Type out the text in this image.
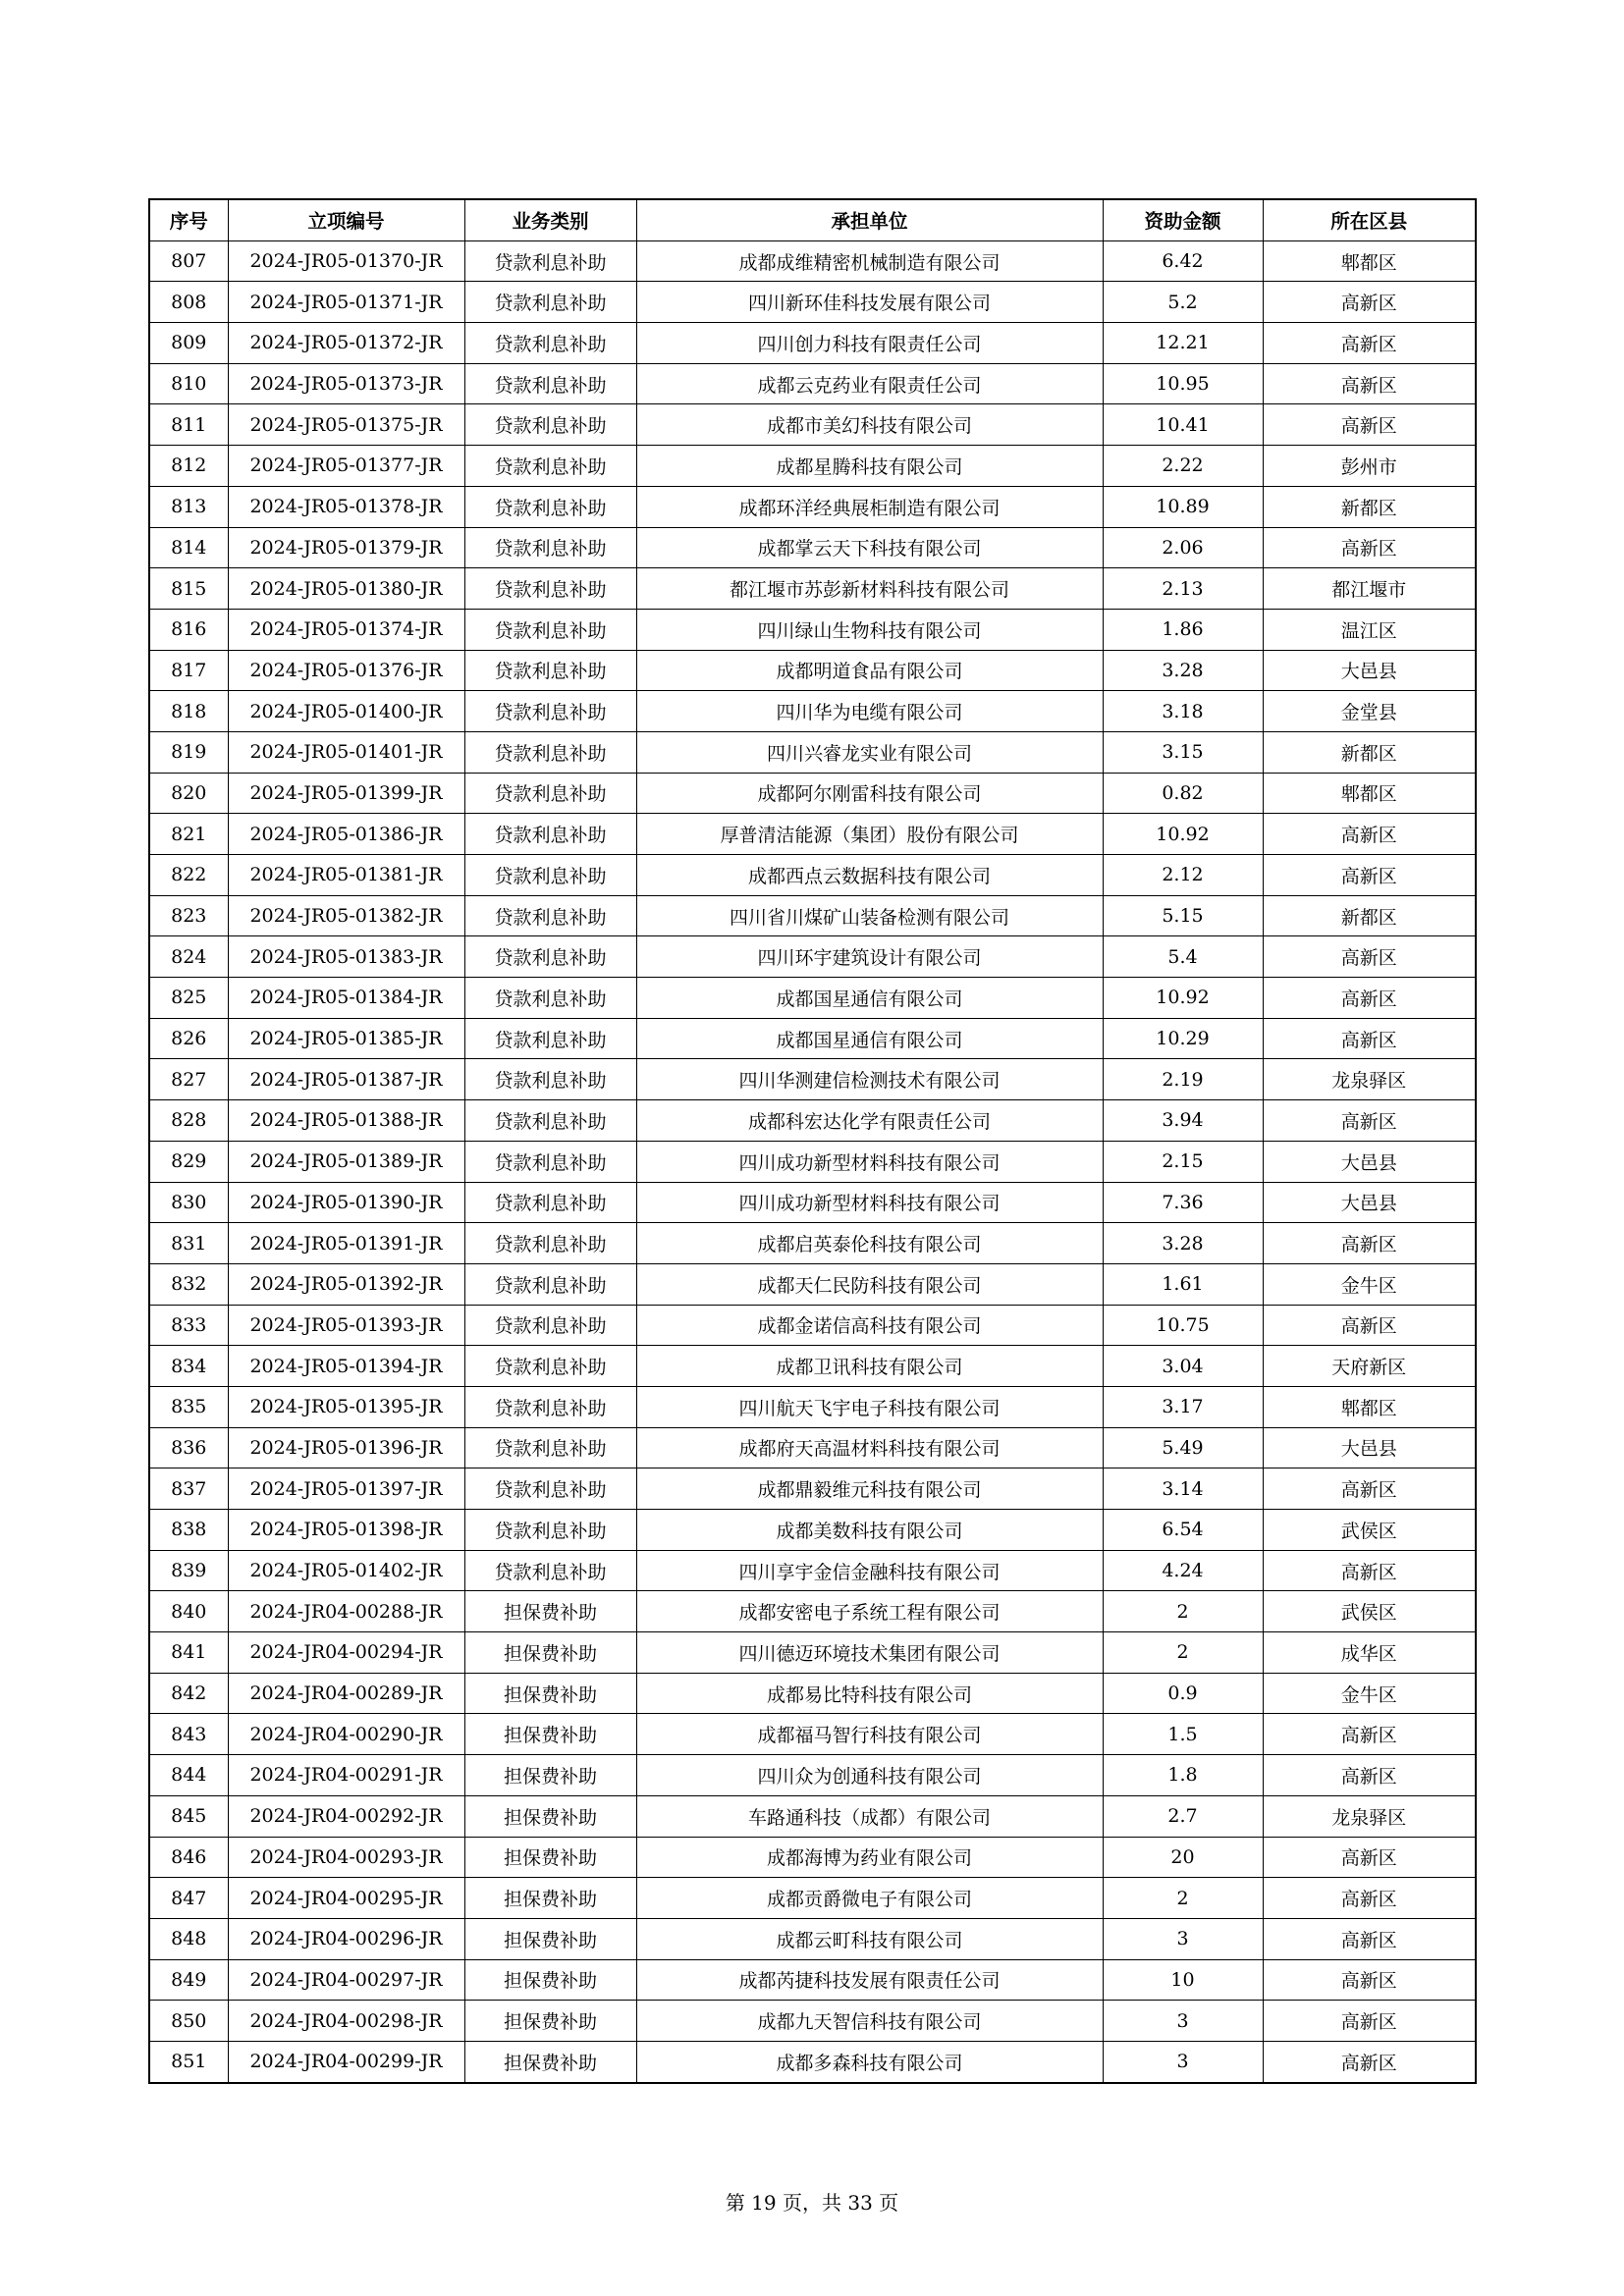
序号	立项编号	业务类别	承担单位	资助金额	所在区县
807	2024-JR05-01370-JR	贷款利息补助	成都成维精密机械制造有限公司	6.42	郫都区
808	2024-JR05-01371-JR	贷款利息补助	四川新环佳科技发展有限公司	5.2	高新区
809	2024-JR05-01372-JR	贷款利息补助	四川创力科技有限责任公司	12.21	高新区
810	2024-JR05-01373-JR	贷款利息补助	成都云克药业有限责任公司	10.95	高新区
811	2024-JR05-01375-JR	贷款利息补助	成都市美幻科技有限公司	10.41	高新区
812	2024-JR05-01377-JR	贷款利息补助	成都星腾科技有限公司	2.22	彭州市
813	2024-JR05-01378-JR	贷款利息补助	成都环洋经典展柜制造有限公司	10.89	新都区
814	2024-JR05-01379-JR	贷款利息补助	成都掌云天下科技有限公司	2.06	高新区
815	2024-JR05-01380-JR	贷款利息补助	都江堰市苏彭新材料科技有限公司	2.13	都江堰市
816	2024-JR05-01374-JR	贷款利息补助	四川绿山生物科技有限公司	1.86	温江区
817	2024-JR05-01376-JR	贷款利息补助	成都明道食品有限公司	3.28	大邑县
818	2024-JR05-01400-JR	贷款利息补助	四川华为电缆有限公司	3.18	金堂县
819	2024-JR05-01401-JR	贷款利息补助	四川兴睿龙实业有限公司	3.15	新都区
820	2024-JR05-01399-JR	贷款利息补助	成都阿尔刚雷科技有限公司	0.82	郫都区
821	2024-JR05-01386-JR	贷款利息补助	厚普清洁能源（集团）股份有限公司	10.92	高新区
822	2024-JR05-01381-JR	贷款利息补助	成都西点云数据科技有限公司	2.12	高新区
823	2024-JR05-01382-JR	贷款利息补助	四川省川煤矿山装备检测有限公司	5.15	新都区
824	2024-JR05-01383-JR	贷款利息补助	四川环宇建筑设计有限公司	5.4	高新区
825	2024-JR05-01384-JR	贷款利息补助	成都国星通信有限公司	10.92	高新区
826	2024-JR05-01385-JR	贷款利息补助	成都国星通信有限公司	10.29	高新区
827	2024-JR05-01387-JR	贷款利息补助	四川华测建信检测技术有限公司	2.19	龙泉驿区
828	2024-JR05-01388-JR	贷款利息补助	成都科宏达化学有限责任公司	3.94	高新区
829	2024-JR05-01389-JR	贷款利息补助	四川成功新型材料科技有限公司	2.15	大邑县
830	2024-JR05-01390-JR	贷款利息补助	四川成功新型材料科技有限公司	7.36	大邑县
831	2024-JR05-01391-JR	贷款利息补助	成都启英泰伦科技有限公司	3.28	高新区
832	2024-JR05-01392-JR	贷款利息补助	成都天仁民防科技有限公司	1.61	金牛区
833	2024-JR05-01393-JR	贷款利息补助	成都金诺信高科技有限公司	10.75	高新区
834	2024-JR05-01394-JR	贷款利息补助	成都卫讯科技有限公司	3.04	天府新区
835	2024-JR05-01395-JR	贷款利息补助	四川航天飞宇电子科技有限公司	3.17	郫都区
836	2024-JR05-01396-JR	贷款利息补助	成都府天高温材料科技有限公司	5.49	大邑县
837	2024-JR05-01397-JR	贷款利息补助	成都鼎毅维元科技有限公司	3.14	高新区
838	2024-JR05-01398-JR	贷款利息补助	成都美数科技有限公司	6.54	武侯区
839	2024-JR05-01402-JR	贷款利息补助	四川享宇金信金融科技有限公司	4.24	高新区
840	2024-JR04-00288-JR	担保费补助	成都安密电子系统工程有限公司	2	武侯区
841	2024-JR04-00294-JR	担保费补助	四川德迈环境技术集团有限公司	2	成华区
842	2024-JR04-00289-JR	担保费补助	成都易比特科技有限公司	0.9	金牛区
843	2024-JR04-00290-JR	担保费补助	成都福马智行科技有限公司	1.5	高新区
844	2024-JR04-00291-JR	担保费补助	四川众为创通科技有限公司	1.8	高新区
845	2024-JR04-00292-JR	担保费补助	车路通科技（成都）有限公司	2.7	龙泉驿区
846	2024-JR04-00293-JR	担保费补助	成都海博为药业有限公司	20	高新区
847	2024-JR04-00295-JR	担保费补助	成都贡爵微电子有限公司	2	高新区
848	2024-JR04-00296-JR	担保费补助	成都云町科技有限公司	3	高新区
849	2024-JR04-00297-JR	担保费补助	成都芮捷科技发展有限责任公司	10	高新区
850	2024-JR04-00298-JR	担保费补助	成都九天智信科技有限公司	3	高新区
851	2024-JR04-00299-JR	担保费补助	成都多森科技有限公司	3	高新区
第 19 页，共 33 页
